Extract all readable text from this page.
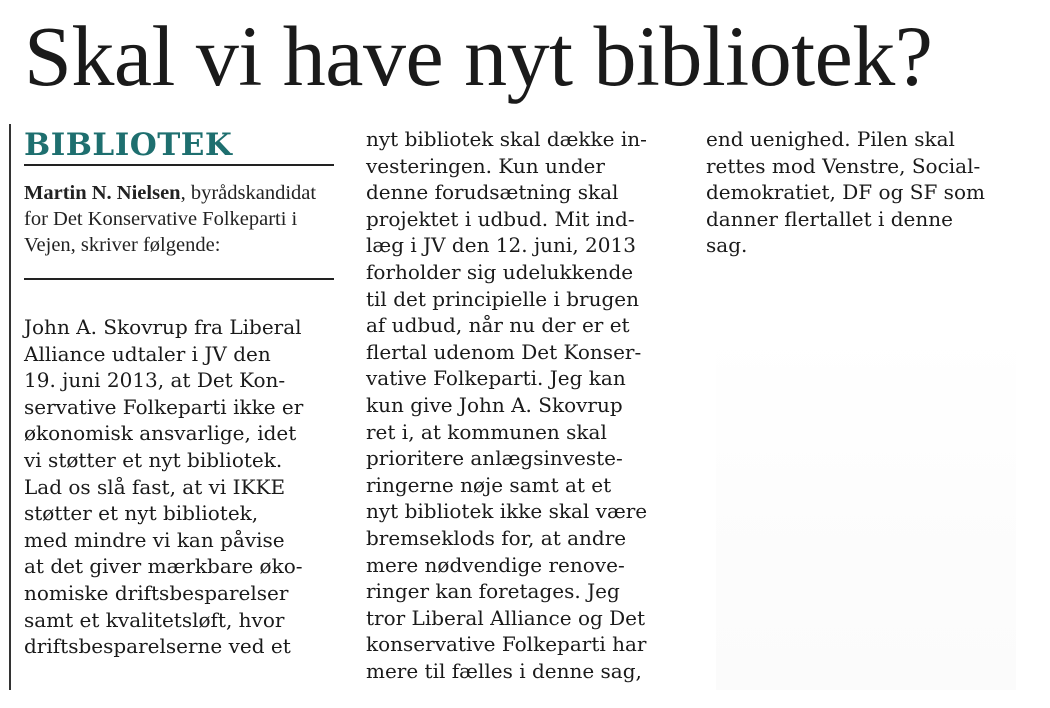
Skal vi have nyt bibliotek?
BIBLIOTEK

Martin N. Nielsen, byrådskandidat for Det Konservative Folkeparti i Vejen, skriver følgende:

John A. Skovrup fra Liberal
Alliance udtaler i JV den
19. juni 2013, at Det Kon-
servative Folkeparti ikke er
økonomisk ansvarlige, idet
vi støtter et nyt bibliotek.
Lad os slå fast, at vi IKKE
støtter et nyt bibliotek,
med mindre vi kan påvise
at det giver mærkbare øko-
nomiske driftsbesparelser
samt et kvalitetsløft, hvor
driftsbesparelserne ved et

nyt bibliotek skal dække in-
vesteringen. Kun under
denne forudsætning skal
projektet i udbud. Mit ind-
læg i JV den 12. juni, 2013
forholder sig udelukkende
til det principielle i brugen
af udbud, når nu der er et
flertal udenom Det Konser-
vative Folkeparti. Jeg kan
kun give John A. Skovrup
ret i, at kommunen skal
prioritere anlægsinveste-
ringerne nøje samt at et
nyt bibliotek ikke skal være
bremseklods for, at andre
mere nødvendige renove-
ringer kan foretages. Jeg
tror Liberal Alliance og Det
konservative Folkeparti har
mere til fælles i denne sag,

end uenighed. Pilen skal
rettes mod Venstre, Social-
demokratiet, DF og SF som
danner flertallet i denne
sag.
